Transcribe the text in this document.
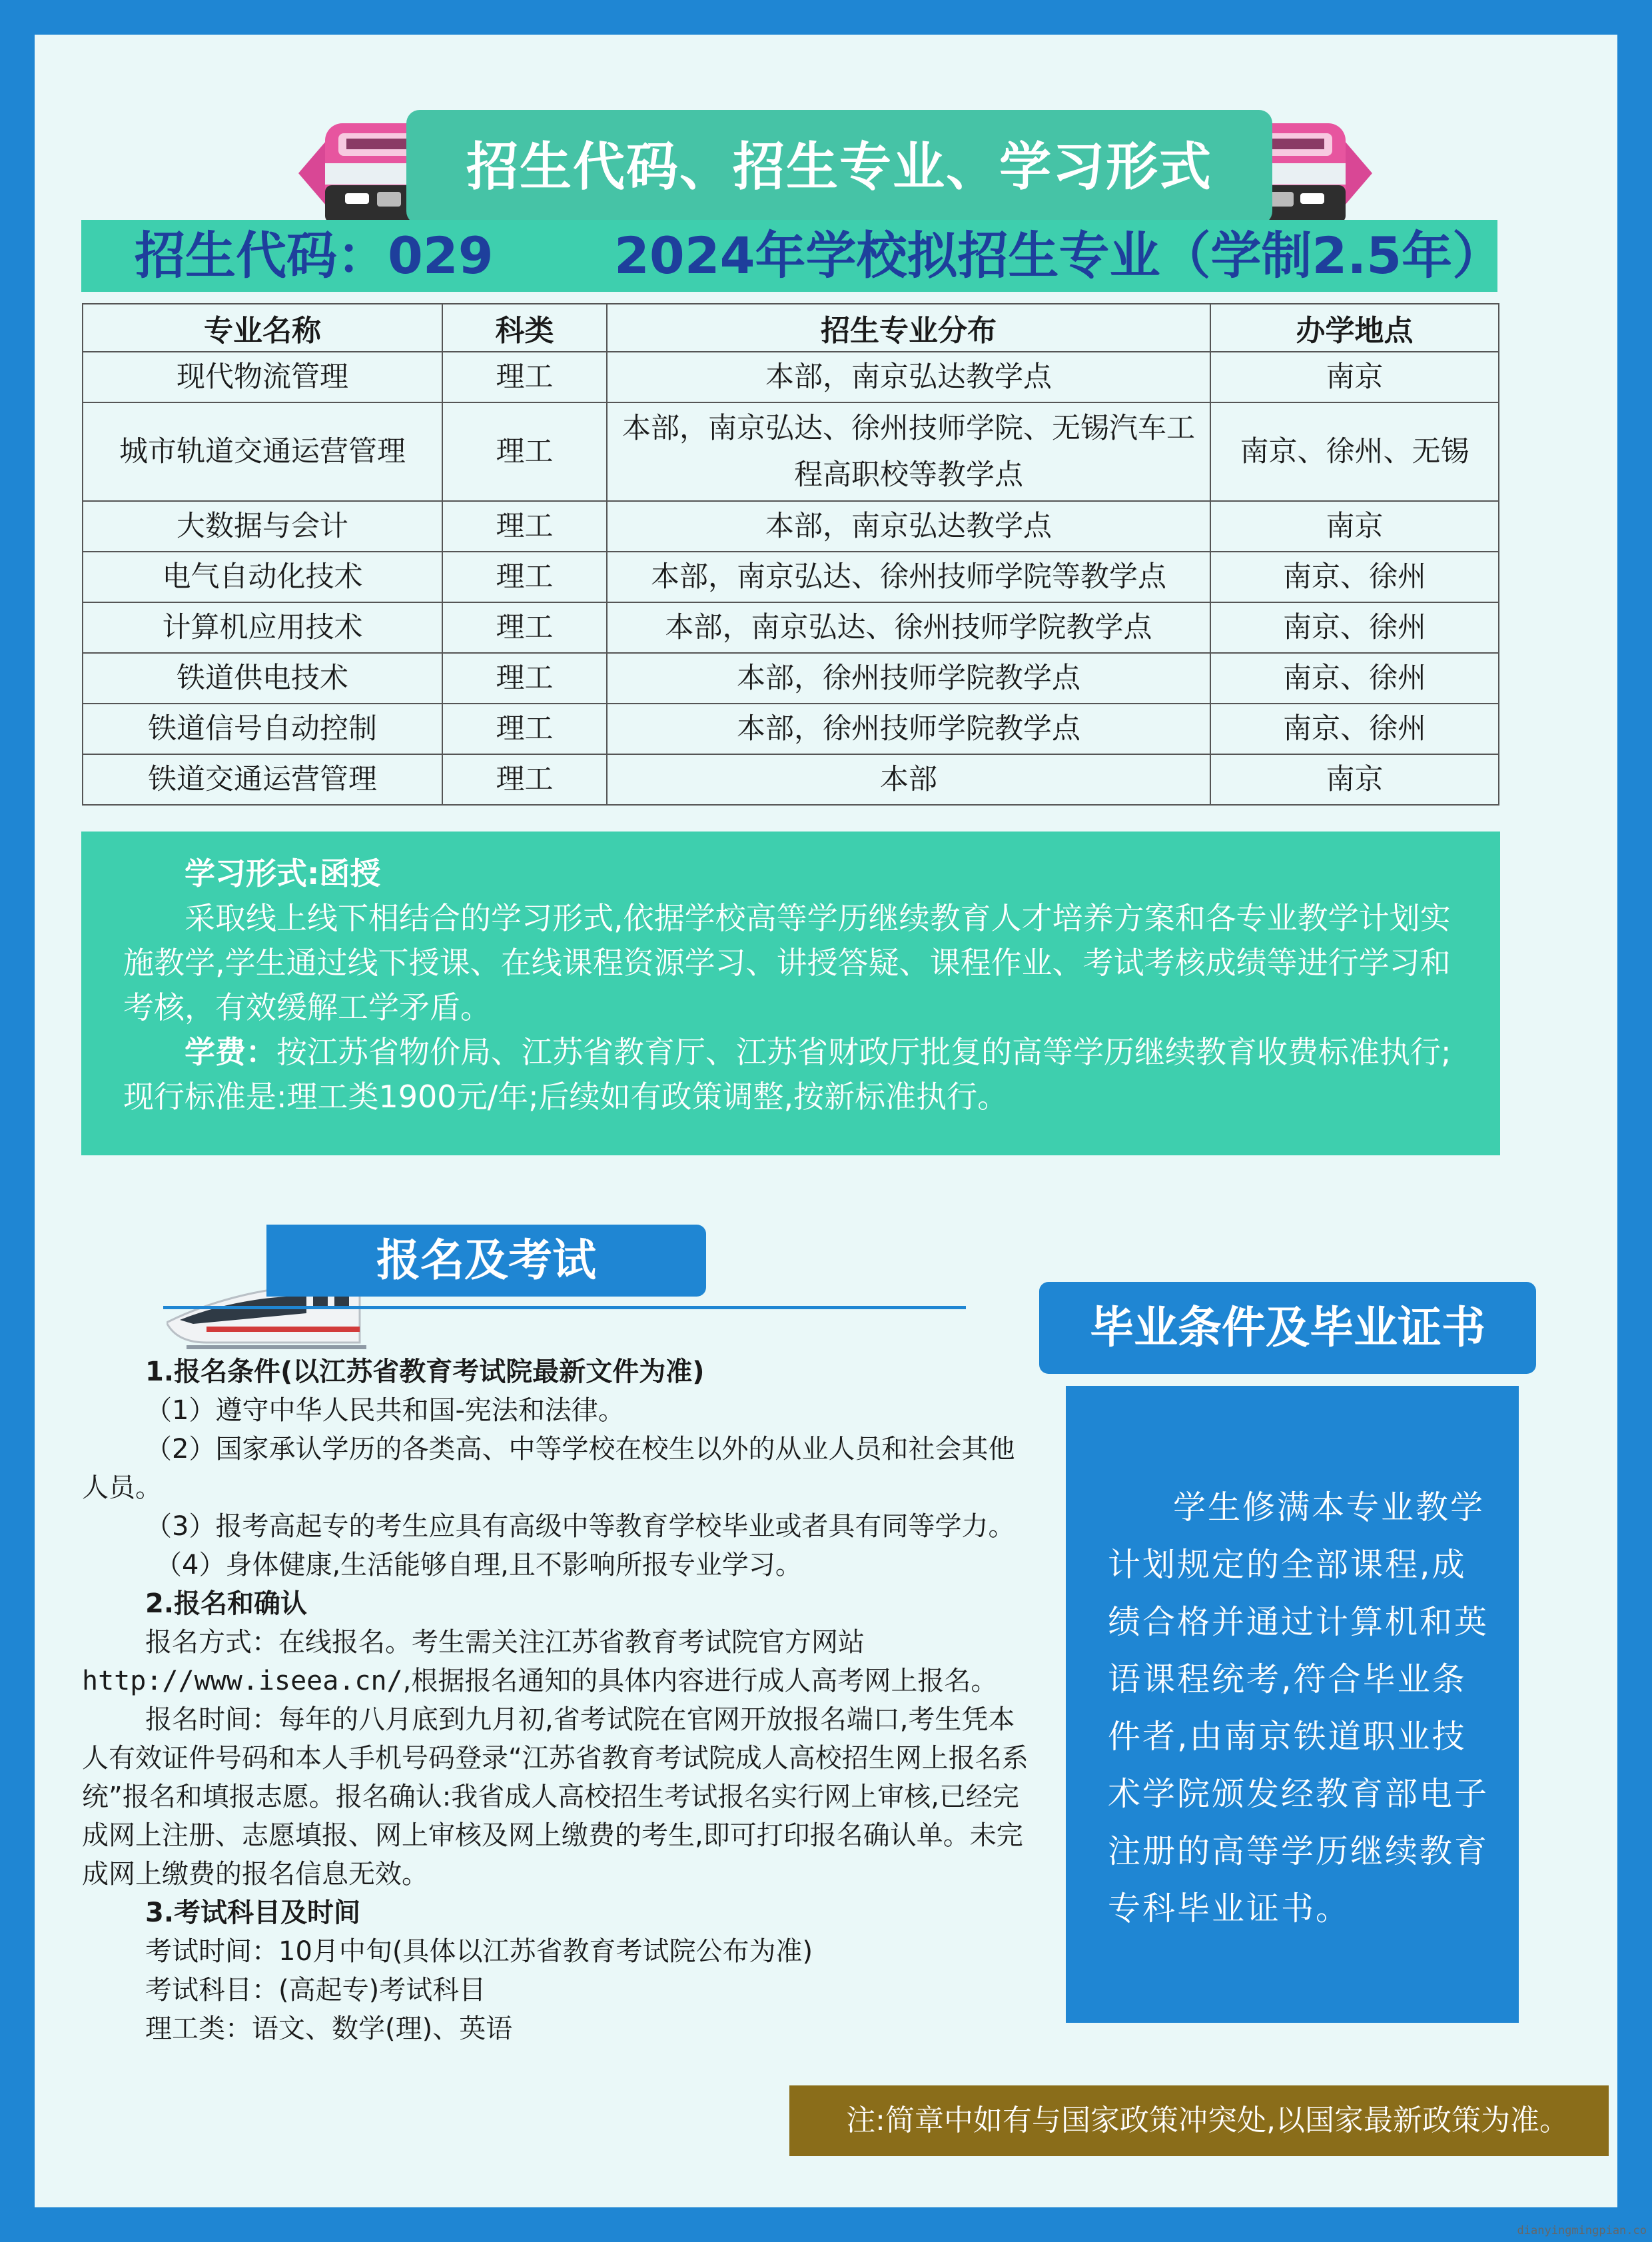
招生代码、招生专业、学习形式
招生代码：029 2024年学校拟招生专业（学制2.5年）
专业名称	科类	招生专业分布	办学地点
现代物流管理	理工	本部，南京弘达教学点	南京
城市轨道交通运营管理	理工	本部，南京弘达、徐州技师学院、无锡汽车工程高职校等教学点	南京、徐州、无锡
大数据与会计	理工	本部，南京弘达教学点	南京
电气自动化技术	理工	本部，南京弘达、徐州技师学院等教学点	南京、徐州
计算机应用技术	理工	本部，南京弘达、徐州技师学院教学点	南京、徐州
铁道供电技术	理工	本部，徐州技师学院教学点	南京、徐州
铁道信号自动控制	理工	本部，徐州技师学院教学点	南京、徐州
铁道交通运营管理	理工	本部	南京

学习形式:函授

采取线上线下相结合的学习形式,依据学校高等学历继续教育人才培养方案和各专业教学计划实施教学,学生通过线下授课、在线课程资源学习、讲授答疑、课程作业、考试考核成绩等进行学习和考核，有效缓解工学矛盾。

学费：按江苏省物价局、江苏省教育厅、江苏省财政厅批复的高等学历继续教育收费标准执行;现行标准是:理工类1900元/年;后续如有政策调整,按新标准执行。

报名及考试

1.报名条件(以江苏省教育考试院最新文件为准)

（1）遵守中华人民共和国-宪法和法律。

（2）国家承认学历的各类高、中等学校在校生以外的从业人员和社会其他人员。

（3）报考高起专的考生应具有高级中等教育学校毕业或者具有同等学力。

（4）身体健康,生活能够自理,且不影响所报专业学习。

2.报名和确认

报名方式：在线报名。考生需关注江苏省教育考试院官方网站http://www.iseea.cn/,根据报名通知的具体内容进行成人高考网上报名。

报名时间：每年的八月底到九月初,省考试院在官网开放报名端口,考生凭本人有效证件号码和本人手机号码登录“江苏省教育考试院成人高校招生网上报名系统”报名和填报志愿。报名确认:我省成人高校招生考试报名实行网上审核,已经完成网上注册、志愿填报、网上审核及网上缴费的考生,即可打印报名确认单。未完成网上缴费的报名信息无效。

3.考试科目及时间

考试时间：10月中旬(具体以江苏省教育考试院公布为准)

考试科目：(高起专)考试科目

理工类：语文、数学(理)、英语

毕业条件及毕业证书

学生修满本专业教学计划规定的全部课程,成绩合格并通过计算机和英语课程统考,符合毕业条件者,由南京铁道职业技术学院颁发经教育部电子注册的高等学历继续教育专科毕业证书。

注:简章中如有与国家政策冲突处,以国家最新政策为准。
dianyingmingpian.co
